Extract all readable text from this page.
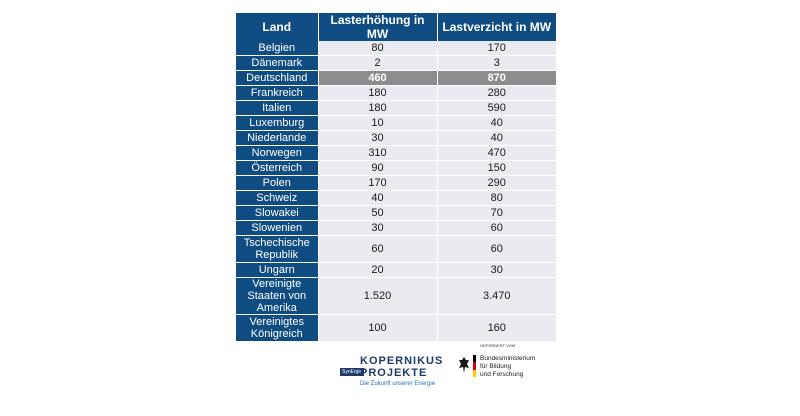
Land	Lasterhöhung in MW	Lastverzicht in MW
Belgien	80	170
Dänemark	2	3
Deutschland	460	870
Frankreich	180	280
Italien	180	590
Luxemburg	10	40
Niederlande	30	40
Norwegen	310	470
Österreich	90	150
Polen	170	290
Schweiz	40	80
Slowakei	50	70
Slowenien	30	60
Tschechische Republik	60	60
Ungarn	20	30
Vereinigte Staaten von Amerika	1.520	3.470
Vereinigtes Königreich	100	160
KOPERNIKUS
SynErgie
PROJEKTE
Die Zukunft unserer Energie
GEFÖRDERT VOM
Bundesministerium
für Bildung
und Forschung
